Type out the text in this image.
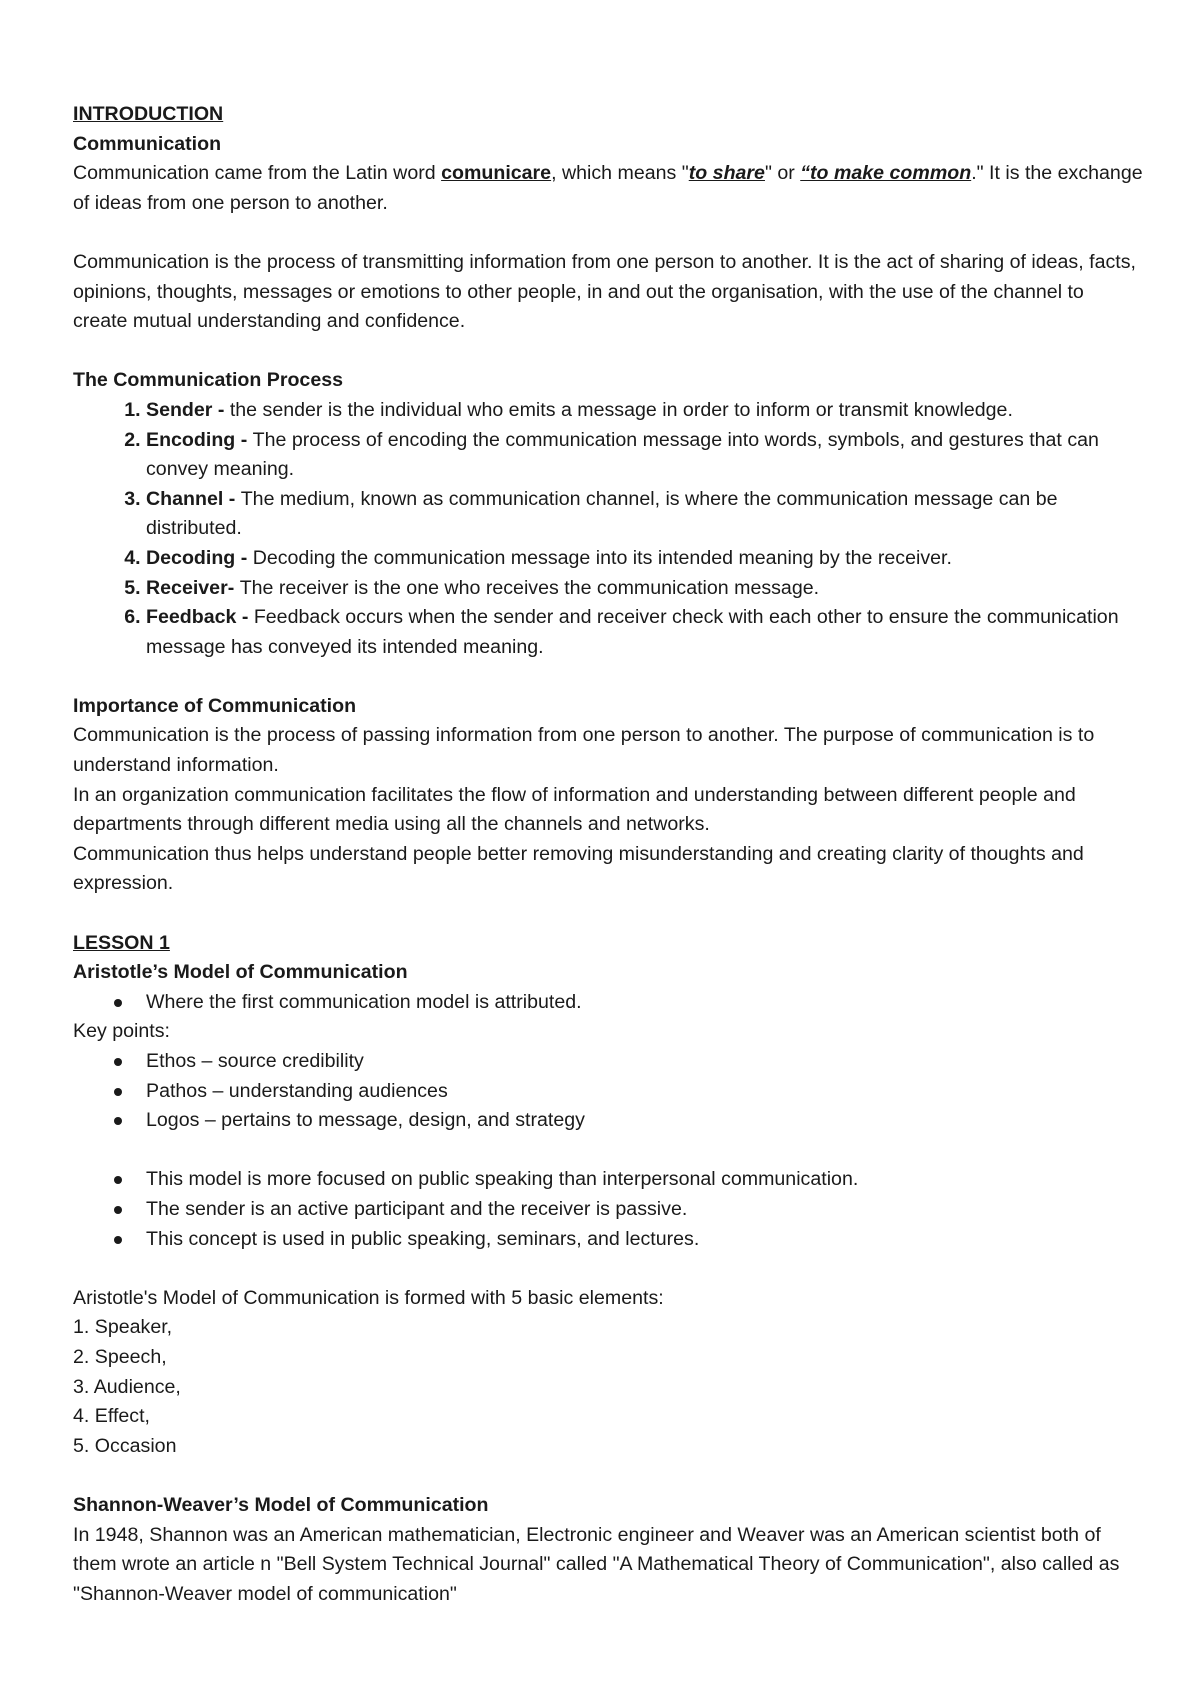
INTRODUCTION

Communication

Communication came from the Latin word comunicare, which means "to share" or “to make common." It is the exchange of ideas from one person to another.

Communication is the process of transmitting information from one person to another. It is the act of sharing of ideas, facts, opinions, thoughts, messages or emotions to other people, in and out the organisation, with the use of the channel to create mutual understanding and confidence.

The Communication Process

1. Sender - the sender is the individual who emits a message in order to inform or transmit knowledge.
2. Encoding - The process of encoding the communication message into words, symbols, and gestures that can convey meaning.
3. Channel - The medium, known as communication channel, is where the communication message can be distributed.
4. Decoding - Decoding the communication message into its intended meaning by the receiver.
5. Receiver- The receiver is the one who receives the communication message.
6. Feedback - Feedback occurs when the sender and receiver check with each other to ensure the communication message has conveyed its intended meaning.

Importance of Communication

Communication is the process of passing information from one person to another. The purpose of communication is to understand information.

In an organization communication facilitates the flow of information and understanding between different people and departments through different media using all the channels and networks.

Communication thus helps understand people better removing misunderstanding and creating clarity of thoughts and expression.

LESSON 1

Aristotle’s Model of Communication

Where the first communication model is attributed.

Key points:

Ethos – source credibility
Pathos – understanding audiences
Logos – pertains to message, design, and strategy
This model is more focused on public speaking than interpersonal communication.
The sender is an active participant and the receiver is passive.
This concept is used in public speaking, seminars, and lectures.

Aristotle's Model of Communication is formed with 5 basic elements:

1. Speaker,

2. Speech,

3. Audience,

4. Effect,

5. Occasion

Shannon-Weaver’s Model of Communication

In 1948, Shannon was an American mathematician, Electronic engineer and Weaver was an American scientist both of them wrote an article n "Bell System Technical Journal" called "A Mathematical Theory of Communication", also called as "Shannon-Weaver model of communication"
